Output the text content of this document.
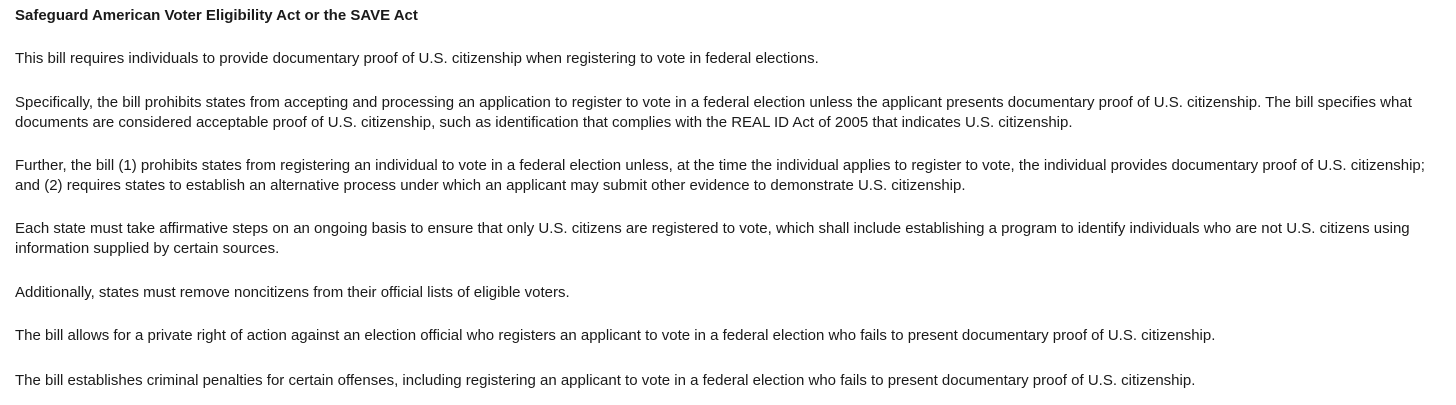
Safeguard American Voter Eligibility Act or the SAVE Act

This bill requires individuals to provide documentary proof of U.S. citizenship when registering to vote in federal elections.

Specifically, the bill prohibits states from accepting and processing an application to register to vote in a federal election unless the applicant presents documentary proof of U.S. citizenship. The bill specifies what documents are considered acceptable proof of U.S. citizenship, such as identification that complies with the REAL ID Act of 2005 that indicates U.S. citizenship.

Further, the bill (1) prohibits states from registering an individual to vote in a federal election unless, at the time the individual applies to register to vote, the individual provides documentary proof of U.S. citizenship; and (2) requires states to establish an alternative process under which an applicant may submit other evidence to demonstrate U.S. citizenship.

Each state must take affirmative steps on an ongoing basis to ensure that only U.S. citizens are registered to vote, which shall include establishing a program to identify individuals who are not U.S. citizens using information supplied by certain sources.

Additionally, states must remove noncitizens from their official lists of eligible voters.

The bill allows for a private right of action against an election official who registers an applicant to vote in a federal election who fails to present documentary proof of U.S. citizenship.

The bill establishes criminal penalties for certain offenses, including registering an applicant to vote in a federal election who fails to present documentary proof of U.S. citizenship.
